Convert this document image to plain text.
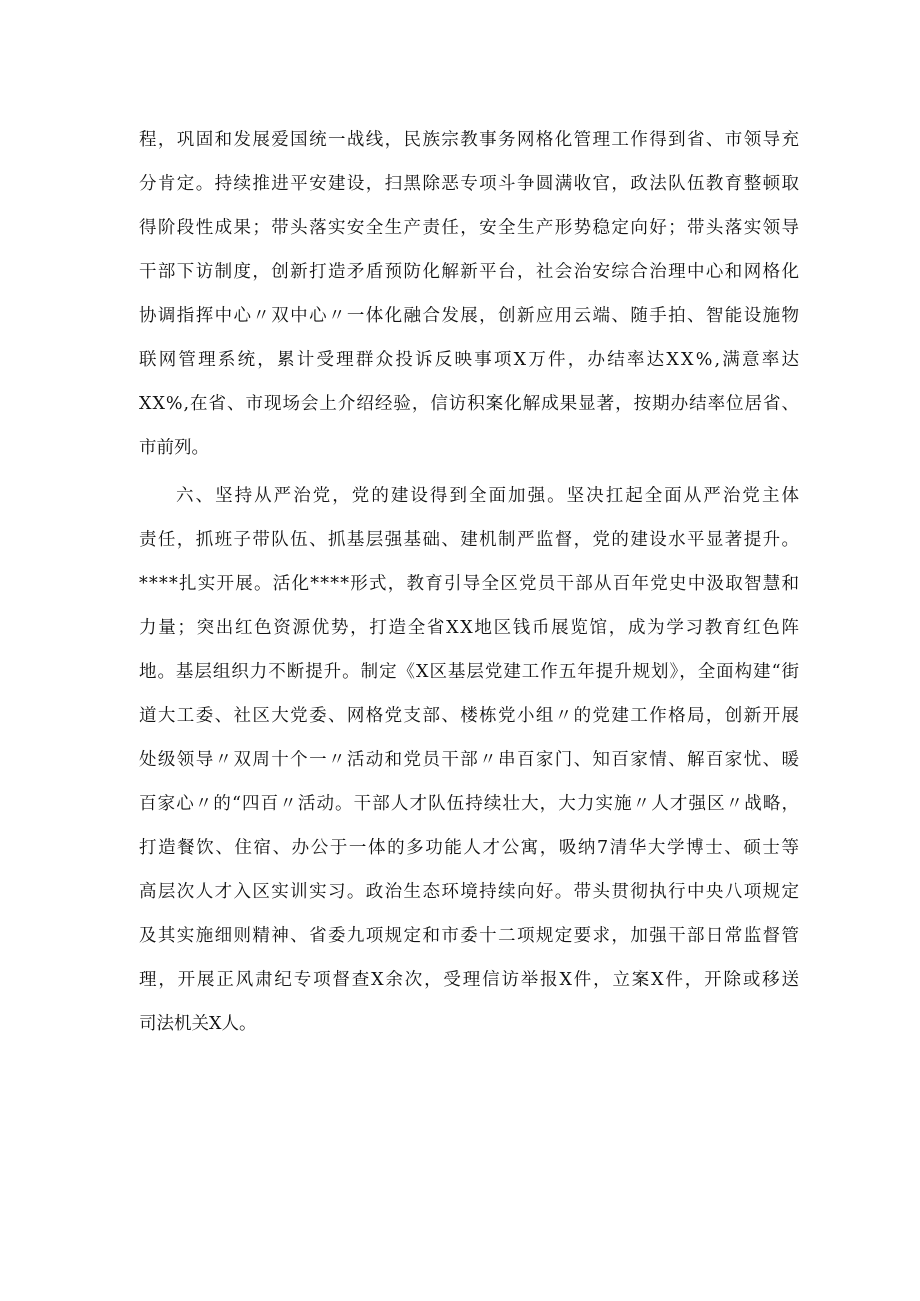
程，巩固和发展爱国统一战线，民族宗教事务网格化管理工作得到省、市领导充
分肯定。持续推进平安建设，扫黑除恶专项斗争圆满收官，政法队伍教育整顿取
得阶段性成果；带头落实安全生产责任，安全生产形势稳定向好；带头落实领导
干部下访制度，创新打造矛盾预防化解新平台，社会治安综合治理中心和网格化
协调指挥中心〃双中心〃一体化融合发展，创新应用云端、随手拍、智能设施物
联网管理系统，累计受理群众投诉反映事项X万件，办结率达XX%,满意率达
XX%,在省、市现场会上介绍经验，信访积案化解成果显著，按期办结率位居省、
市前列。
六、坚持从严治党，党的建设得到全面加强。坚决扛起全面从严治党主体
责任，抓班子带队伍、抓基层强基础、建机制严监督，党的建设水平显著提升。
****扎实开展。活化****形式，教育引导全区党员干部从百年党史中汲取智慧和
力量；突出红色资源优势，打造全省XX地区钱币展览馆，成为学习教育红色阵
地。基层组织力不断提升。制定《X区基层党建工作五年提升规划》，全面构建“街
道大工委、社区大党委、网格党支部、楼栋党小组〃的党建工作格局，创新开展
处级领导〃双周十个一〃活动和党员干部〃串百家门、知百家情、解百家忧、暖
百家心〃的“四百〃活动。干部人才队伍持续壮大，大力实施〃人才强区〃战略，
打造餐饮、住宿、办公于一体的多功能人才公寓，吸纳7清华大学博士、硕士等
高层次人才入区实训实习。政治生态环境持续向好。带头贯彻执行中央八项规定
及其实施细则精神、省委九项规定和市委十二项规定要求，加强干部日常监督管
理，开展正风肃纪专项督查X余次，受理信访举报X件，立案X件，开除或移送
司法机关X人。
